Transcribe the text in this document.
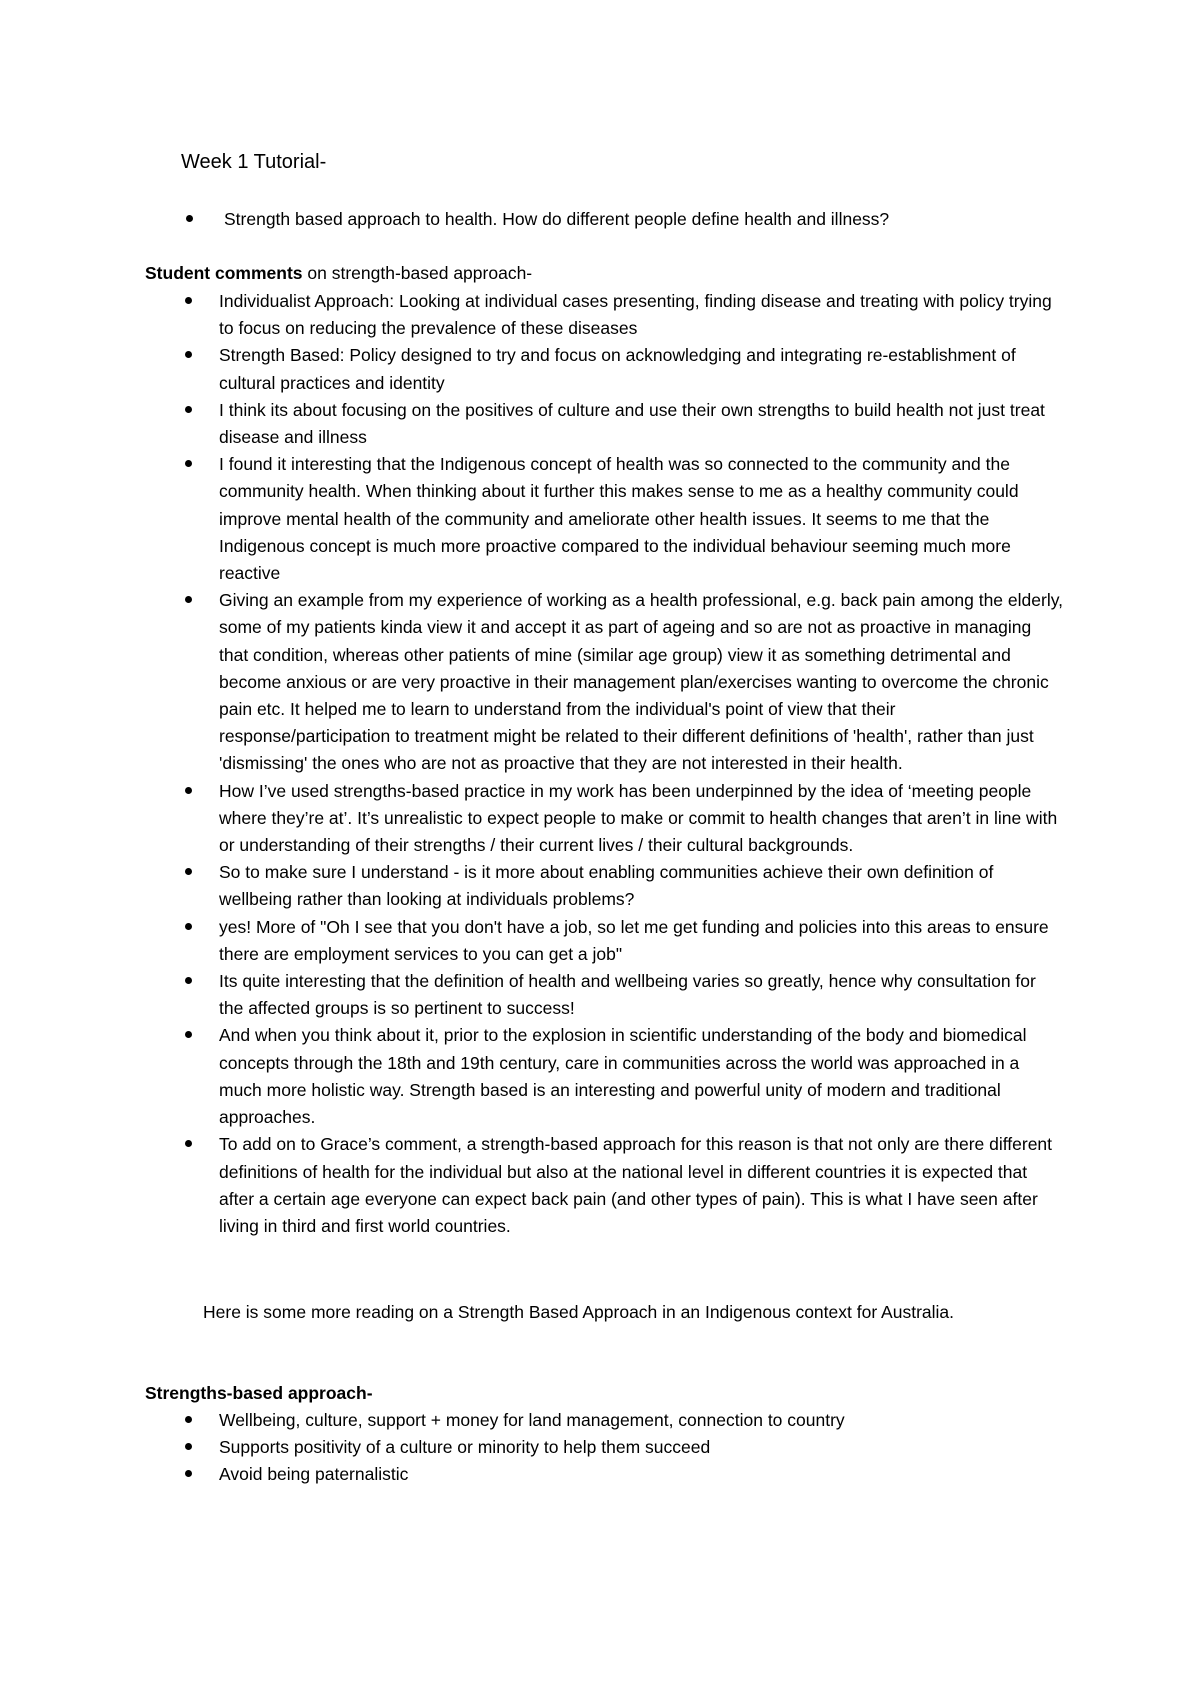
Week 1 Tutorial-
Strength based approach to health. How do different people define health and illness?
Student comments on strength-based approach-
Individualist Approach: Looking at individual cases presenting, finding disease and treating with policy trying to focus on reducing the prevalence of these diseases
Strength Based: Policy designed to try and focus on acknowledging and integrating re-establishment of cultural practices and identity
I think its about focusing on the positives of culture and use their own strengths to build health not just treat disease and illness
I found it interesting that the Indigenous concept of health was so connected to the community and the community health. When thinking about it further this makes sense to me as a healthy community could improve mental health of the community and ameliorate other health issues. It seems to me that the Indigenous concept is much more proactive compared to the individual behaviour seeming much more reactive
Giving an example from my experience of working as a health professional, e.g. back pain among the elderly, some of my patients kinda view it and accept it as part of ageing and so are not as proactive in managing that condition, whereas other patients of mine (similar age group) view it as something detrimental and become anxious or are very proactive in their management plan/exercises wanting to overcome the chronic pain etc. It helped me to learn to understand from the individual's point of view that their response/participation to treatment might be related to their different definitions of 'health', rather than just 'dismissing' the ones who are not as proactive that they are not interested in their health.
How I’ve used strengths-based practice in my work has been underpinned by the idea of ‘meeting people where they’re at’. It’s unrealistic to expect people to make or commit to health changes that aren’t in line with or understanding of their strengths / their current lives / their cultural backgrounds.
So to make sure I understand - is it more about enabling communities achieve their own definition of wellbeing rather than looking at individuals problems?
yes! More of "Oh I see that you don't have a job, so let me get funding and policies into this areas to ensure there are employment services to you can get a job"
Its quite interesting that the definition of health and wellbeing varies so greatly, hence why consultation for the affected groups is so pertinent to success!
And when you think about it, prior to the explosion in scientific understanding of the body and biomedical concepts through the 18th and 19th century, care in communities across the world was approached in a much more holistic way. Strength based is an interesting and powerful unity of modern and traditional approaches.
To add on to Grace’s comment, a strength-based approach for this reason is that not only are there different definitions of health for the individual but also at the national level in different countries it is expected that after a certain age everyone can expect back pain (and other types of pain). This is what I have seen after living in third and first world countries.
Here is some more reading on a Strength Based Approach in an Indigenous context for Australia.
Strengths-based approach-
Wellbeing, culture, support + money for land management, connection to country
Supports positivity of a culture or minority to help them succeed
Avoid being paternalistic
